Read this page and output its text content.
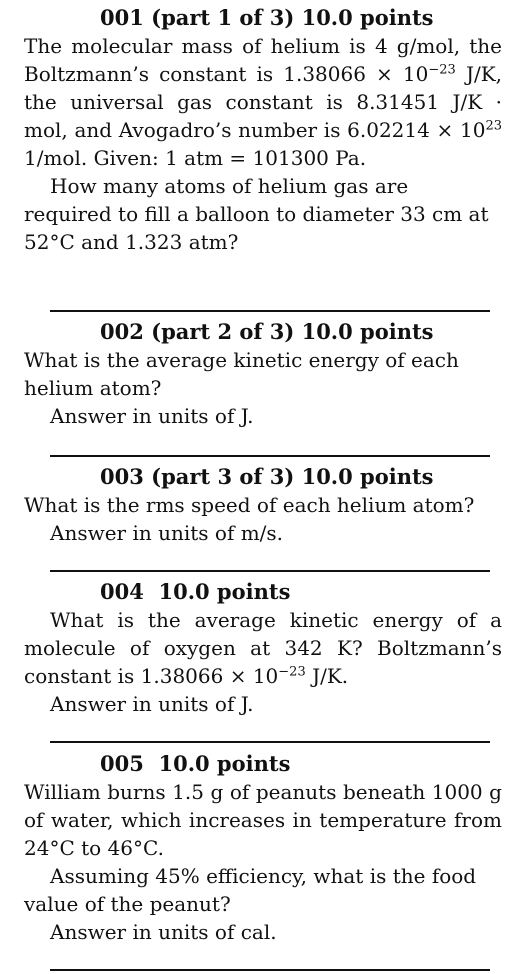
001 (part 1 of 3) 10.0 points

The molecular mass of helium is 4 g/mol, the Boltzmann’s constant is $1.38066 \times 10^{-23}$ J/K, the universal gas constant is 8.31451 J/K · mol, and Avogadro’s number is $6.02214 \times 10^{23}$ 1/mol. Given: 1 atm = 101300 Pa.

How many atoms of helium gas are required to fill a balloon to diameter 33 cm at 52°C and 1.323 atm?

002 (part 2 of 3) 10.0 points

What is the average kinetic energy of each helium atom?

Answer in units of J.

003 (part 3 of 3) 10.0 points

What is the rms speed of each helium atom?

Answer in units of m/s.

004 10.0 points

What is the average kinetic energy of a molecule of oxygen at 342 K? Boltzmann’s constant is $1.38066 \times 10^{-23}$ J/K.

Answer in units of J.

005 10.0 points

William burns 1.5 g of peanuts beneath 1000 g of water, which increases in temperature from 24°C to 46°C.

Assuming 45% efficiency, what is the food value of the peanut?

Answer in units of cal.
